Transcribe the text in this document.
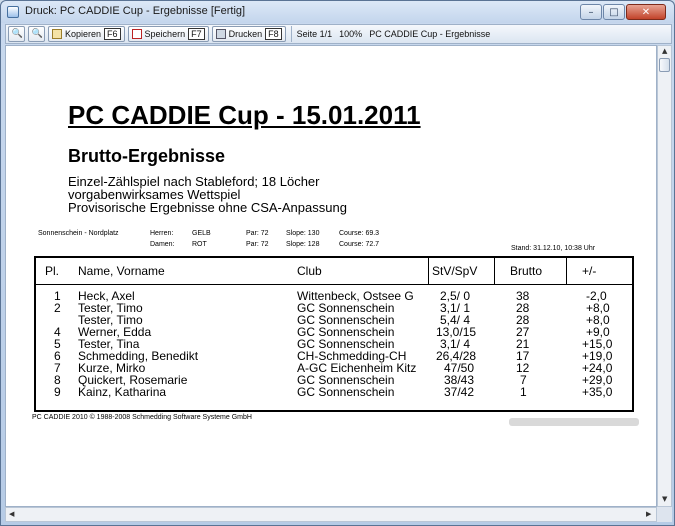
Druck: PC CADDIE Cup - Ergebnisse [Fertig]	–	□	✕
🔍 🔍 Kopieren F6	Speichern F7	Drucken F8	Seite 1/1 100% PC CADDIE Cup - Ergebnisse
PC CADDIE Cup - 15.01.2011
Brutto-Ergebnisse
Einzel-Zählspiel nach Stableford; 18 Löcher
vorgabenwirksames Wettspiel
Provisorische Ergebnisse ohne CSA-Anpassung
Sonnenschein - Nordplatz	Herren:	GELB	Par: 72 Slope: 130	Course: 69.3
Damen: ROT	Par: 72 Slope: 128	Course: 72.7
Stand: 31.12.10, 10:38 Uhr
Pl. Name, Vorname	Club	StV/SpV	Brutto	+/-
1 Heck, Axel	Wittenbeck, Ostsee G 2,5/ 0	38	-2,0
2 Tester, Timo	GC Sonnenschein	3,1/ 1	28	+8,0
Tester, Timo	GC Sonnenschein	5,4/ 4	28	+8,0
4 Werner, Edda	GC Sonnenschein	13,0/15	27	+9,0
5 Tester, Tina	GC Sonnenschein	3,1/ 4	21	+15,0
6 Schmedding, Benedikt	CH-Schmedding-CH 26,4/28	17	+19,0
7 Kurze, Mirko	A-GC Eichenheim Kitz 47/50	12	+24,0
8 Quickert, Rosemarie	GC Sonnenschein	38/43	7	+29,0
9 Kainz, Katharina	GC Sonnenschein	37/42	1	+35,0
PC CADDIE 2010 © 1988-2008 Schmedding Software Systeme GmbH
▲
▼
◀	▶
